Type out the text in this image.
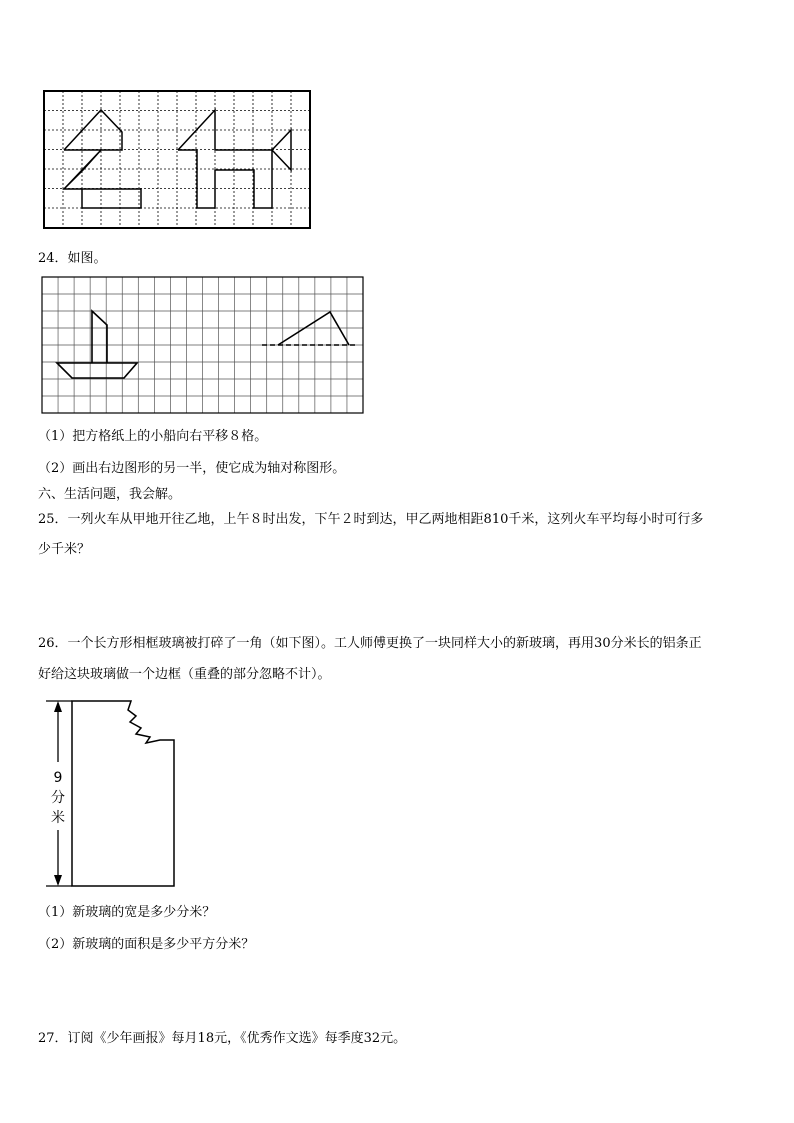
24．如图。
（1）把方格纸上的小船向右平移８格。
（2）画出右边图形的另一半，使它成为轴对称图形。
六、生活问题，我会解。
25．一列火车从甲地开往乙地，上午８时出发，下午２时到达，甲乙两地相距810千米，这列火车平均每小时可行多
少千米？
26．一个长方形相框玻璃被打碎了一角（如下图）。工人师傅更换了一块同样大小的新玻璃，再用30分米长的铝条正
好给这块玻璃做一个边框（重叠的部分忽略不计）。
9
分
米
（1）新玻璃的宽是多少分米？
（2）新玻璃的面积是多少平方分米？
27．订阅《少年画报》每月18元，《优秀作文选》每季度32元。
